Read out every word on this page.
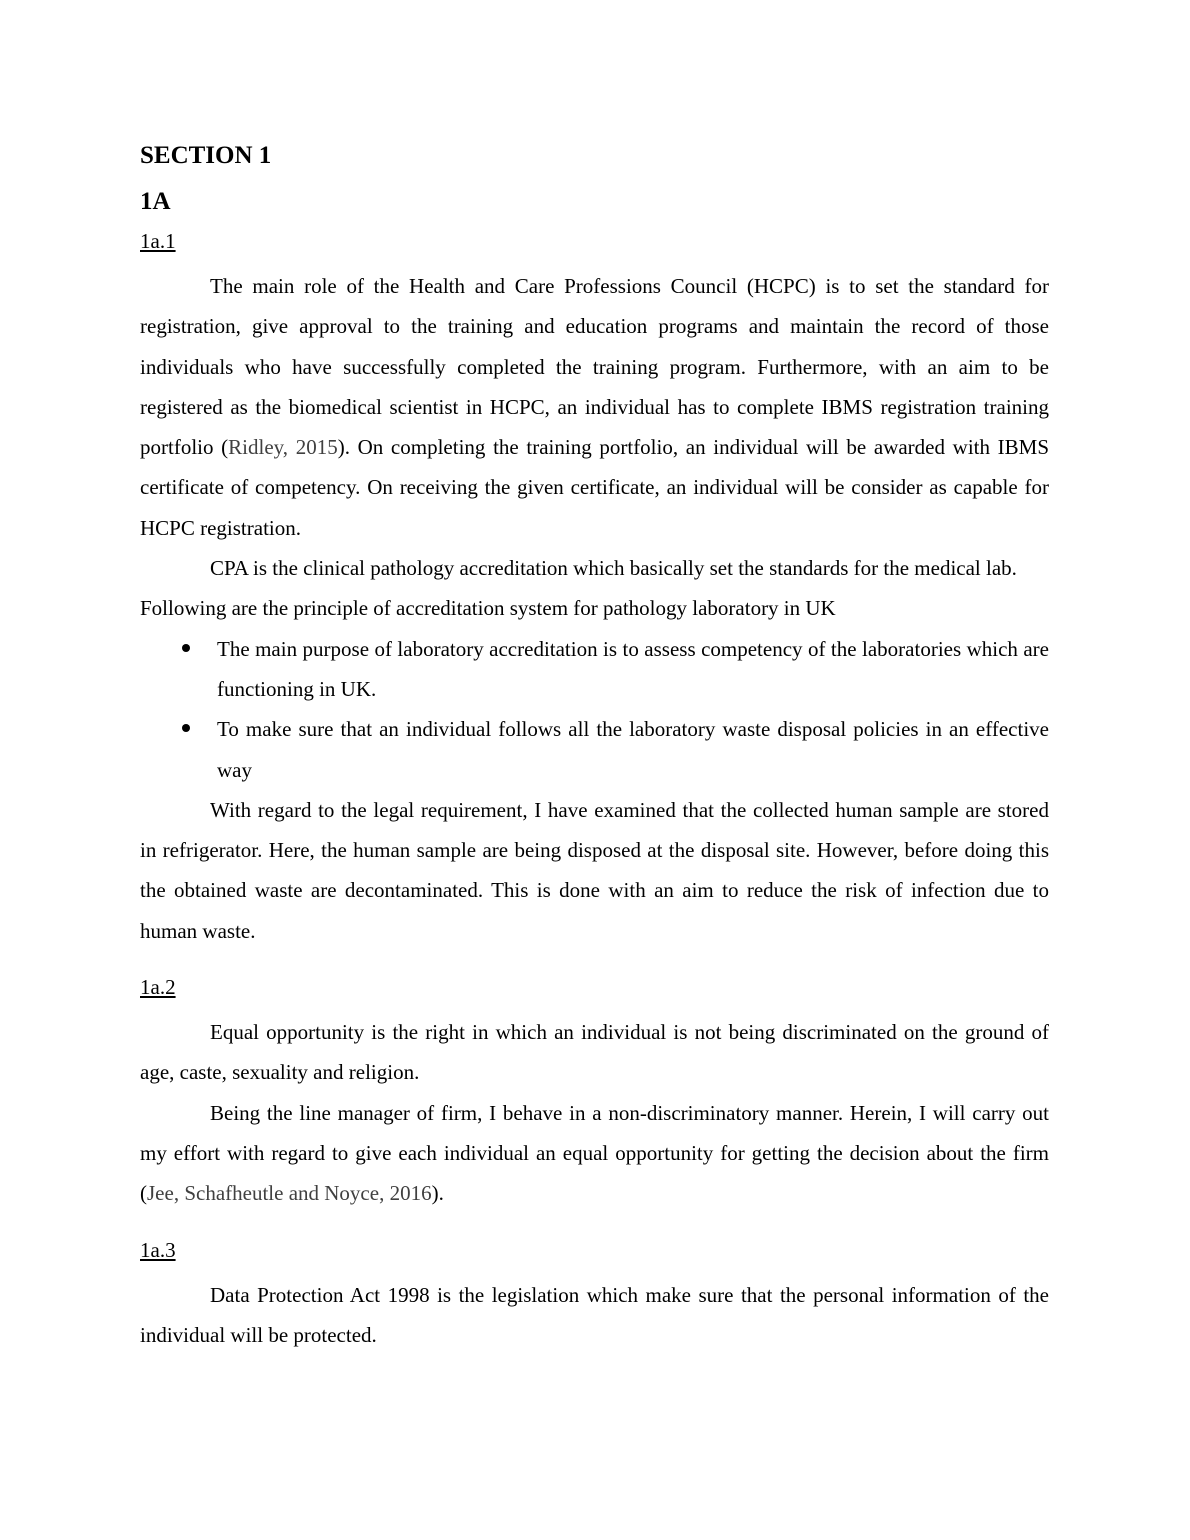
SECTION 1
1A
1a.1

The main role of the Health and Care Professions Council (HCPC) is to set the standard for registration, give approval to the training and education programs and maintain the record of those individuals who have successfully completed the training program. Furthermore, with an aim to be registered as the biomedical scientist in HCPC, an individual has to complete IBMS registration training portfolio (Ridley, 2015). On completing the training portfolio, an individual will be awarded with IBMS certificate of competency. On receiving the given certificate, an individual will be consider as capable for HCPC registration.

CPA is the clinical pathology accreditation which basically set the standards for the medical lab.

Following are the principle of accreditation system for pathology laboratory in UK

The main purpose of laboratory accreditation is to assess competency of the laboratories which are functioning in UK.
To make sure that an individual follows all the laboratory waste disposal policies in an effective way

With regard to the legal requirement, I have examined that the collected human sample are stored in refrigerator. Here, the human sample are being disposed at the disposal site. However, before doing this the obtained waste are decontaminated. This is done with an aim to reduce the risk of infection due to human waste.

1a.2

Equal opportunity is the right in which an individual is not being discriminated on the ground of age, caste, sexuality and religion.

Being the line manager of firm, I behave in a non-discriminatory manner. Herein, I will carry out my effort with regard to give each individual an equal opportunity for getting the decision about the firm (Jee, Schafheutle and Noyce, 2016).

1a.3

Data Protection Act 1998 is the legislation which make sure that the personal information of the individual will be protected.
